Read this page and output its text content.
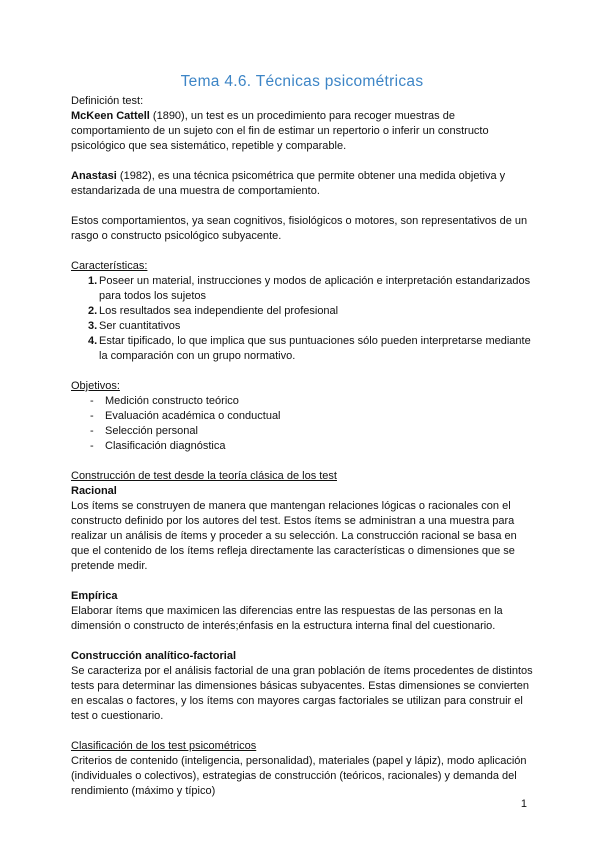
Tema 4.6. Técnicas psicométricas

Definición test:

McKeen Cattell (1890), un test es un procedimiento para recoger muestras de comportamiento de un sujeto con el fin de estimar un repertorio o inferir un constructo psicológico que sea sistemático, repetible y comparable.

Anastasi (1982), es una técnica psicométrica que permite obtener una medida objetiva y estandarizada de una muestra de comportamiento.

Estos comportamientos, ya sean cognitivos, fisiológicos o motores, son representativos de un rasgo o constructo psicológico subyacente.

Características:

1. Poseer un material, instrucciones y modos de aplicación e interpretación estandarizados para todos los sujetos
2. Los resultados sea independiente del profesional
3. Ser cuantitativos
4. Estar tipificado, lo que implica que sus puntuaciones sólo pueden interpretarse mediante la comparación con un grupo normativo.

Objetivos:

- Medición constructo teórico
- Evaluación académica o conductual
- Selección personal
- Clasificación diagnóstica

Construcción de test desde la teoría clásica de los test

Racional

Los ítems se construyen de manera que mantengan relaciones lógicas o racionales con el constructo definido por los autores del test. Estos ítems se administran a una muestra para realizar un análisis de ítems y proceder a su selección. La construcción racional se basa en que el contenido de los ítems refleja directamente las características o dimensiones que se pretende medir.

Empírica

Elaborar ítems que maximicen las diferencias entre las respuestas de las personas en la dimensión o constructo de interés;énfasis en la estructura interna final del cuestionario.

Construcción analítico-factorial

Se caracteriza por el análisis factorial de una gran población de ítems procedentes de distintos tests para determinar las dimensiones básicas subyacentes. Estas dimensiones se convierten en escalas o factores, y los ítems con mayores cargas factoriales se utilizan para construir el test o cuestionario.

Clasificación de los test psicométricos

Criterios de contenido (inteligencia, personalidad), materiales (papel y lápiz), modo aplicación (individuales o colectivos), estrategias de construcción (teóricos, racionales) y demanda del rendimiento (máximo y típico)

1
